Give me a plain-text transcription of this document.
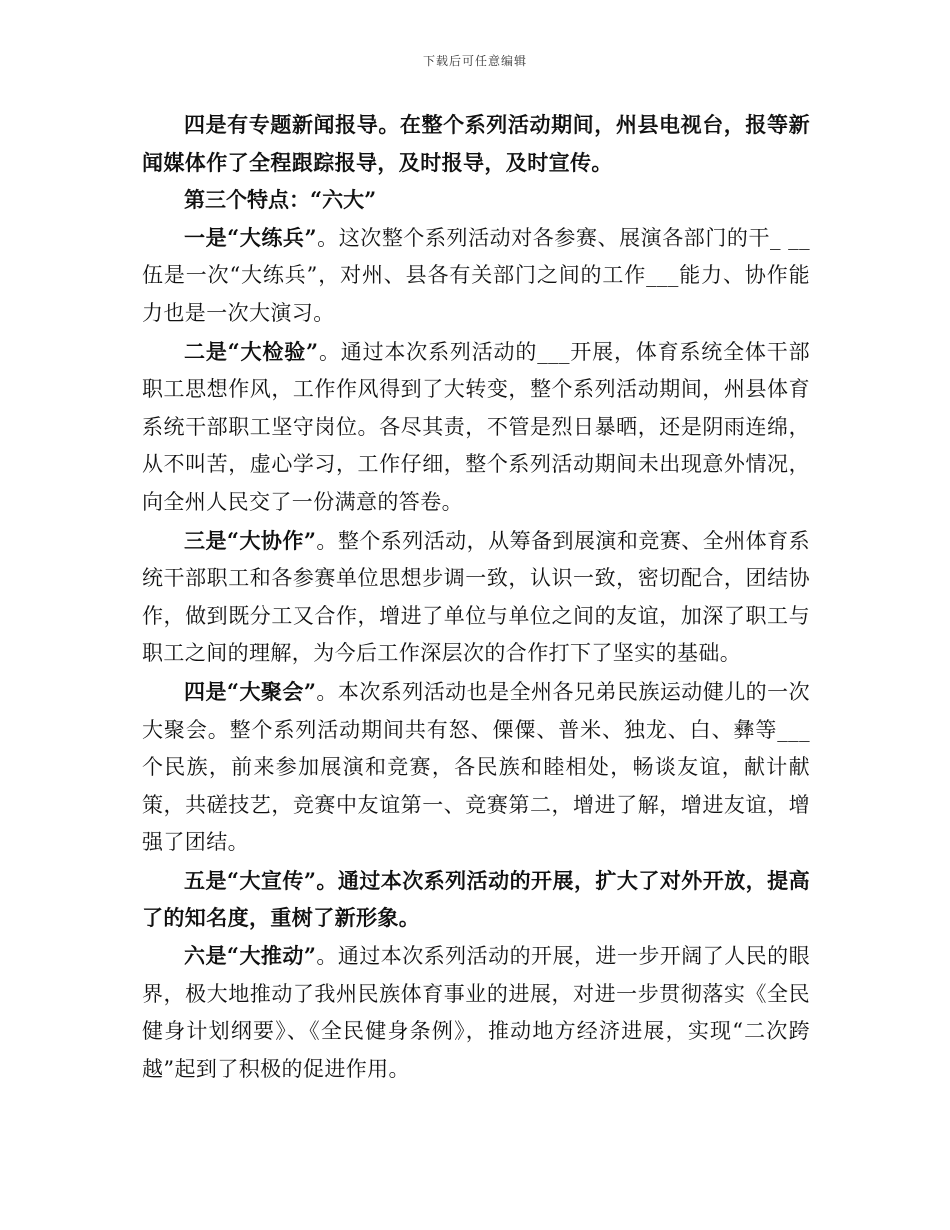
下载后可任意编辑

四是有专题新闻报导。在整个系列活动期间，州县电视台，报等新闻媒体作了全程跟踪报导，及时报导，及时宣传。

第三个特点：“六大”

一是“大练兵”。这次整个系列活动对各参赛、展演各部门的干_ __伍是一次“大练兵”，对州、县各有关部门之间的工作___能力、协作能力也是一次大演习。

二是“大检验”。通过本次系列活动的___开展，体育系统全体干部职工思想作风，工作作风得到了大转变，整个系列活动期间，州县体育系统干部职工坚守岗位。各尽其责，不管是烈日暴晒，还是阴雨连绵，从不叫苦，虚心学习，工作仔细，整个系列活动期间未出现意外情况，向全州人民交了一份满意的答卷。

三是“大协作”。整个系列活动，从筹备到展演和竞赛、全州体育系统干部职工和各参赛单位思想步调一致，认识一致，密切配合，团结协作，做到既分工又合作，增进了单位与单位之间的友谊，加深了职工与职工之间的理解，为今后工作深层次的合作打下了坚实的基础。

四是“大聚会”。本次系列活动也是全州各兄弟民族运动健儿的一次大聚会。整个系列活动期间共有怒、傈僳、普米、独龙、白、彝等___个民族，前来参加展演和竞赛，各民族和睦相处，畅谈友谊，献计献策，共磋技艺，竞赛中友谊第一、竞赛第二，增进了解，增进友谊，增强了团结。

五是“大宣传”。通过本次系列活动的开展，扩大了对外开放，提高了的知名度，重树了新形象。

六是“大推动”。通过本次系列活动的开展，进一步开阔了人民的眼界，极大地推动了我州民族体育事业的进展，对进一步贯彻落实《全民健身计划纲要》、《全民健身条例》，推动地方经济进展，实现“二次跨越”起到了积极的促进作用。
